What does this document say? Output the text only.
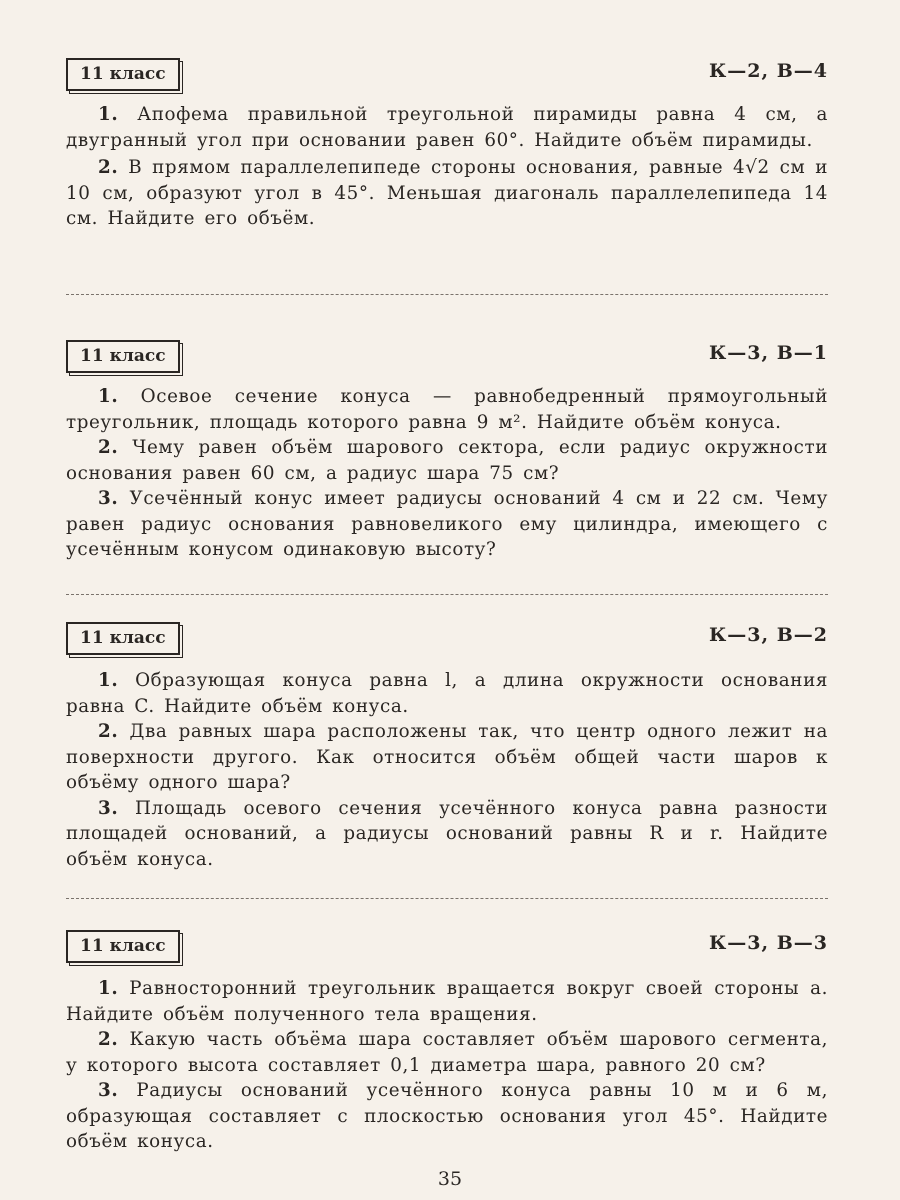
11 класс	К—2, В—4

1. Апофема правильной треугольной пирамиды равна 4 см, а двугранный угол при основании равен 60°. Найдите объём пирамиды.

2. В прямом параллелепипеде стороны основания, равные 4√2 см и 10 см, образуют угол в 45°. Меньшая диагональ параллелепипеда 14 см. Найдите его объём.

11 класс	К—3, В—1

1. Осевое сечение конуса — равнобедренный прямоугольный треугольник, площадь которого равна 9 м². Найдите объём конуса.

2. Чему равен объём шарового сектора, если радиус окружности основания равен 60 см, а радиус шара 75 см?

3. Усечённый конус имеет радиусы оснований 4 см и 22 см. Чему равен радиус основания равновеликого ему цилиндра, имеющего с усечённым конусом одинаковую высоту?

11 класс	К—3, В—2

1. Образующая конуса равна l, а длина окружности основания равна C. Найдите объём конуса.

2. Два равных шара расположены так, что центр одного лежит на поверхности другого. Как относится объём общей части шаров к объёму одного шара?

3. Площадь осевого сечения усечённого конуса равна разности площадей оснований, а радиусы оснований равны R и r. Найдите объём конуса.

11 класс	К—3, В—3

1. Равносторонний треугольник вращается вокруг своей стороны a. Найдите объём полученного тела вращения.

2. Какую часть объёма шара составляет объём шарового сегмента, у которого высота составляет 0,1 диаметра шара, равного 20 см?

3. Радиусы оснований усечённого конуса равны 10 м и 6 м, образующая составляет с плоскостью основания угол 45°. Найдите объём конуса.

35
